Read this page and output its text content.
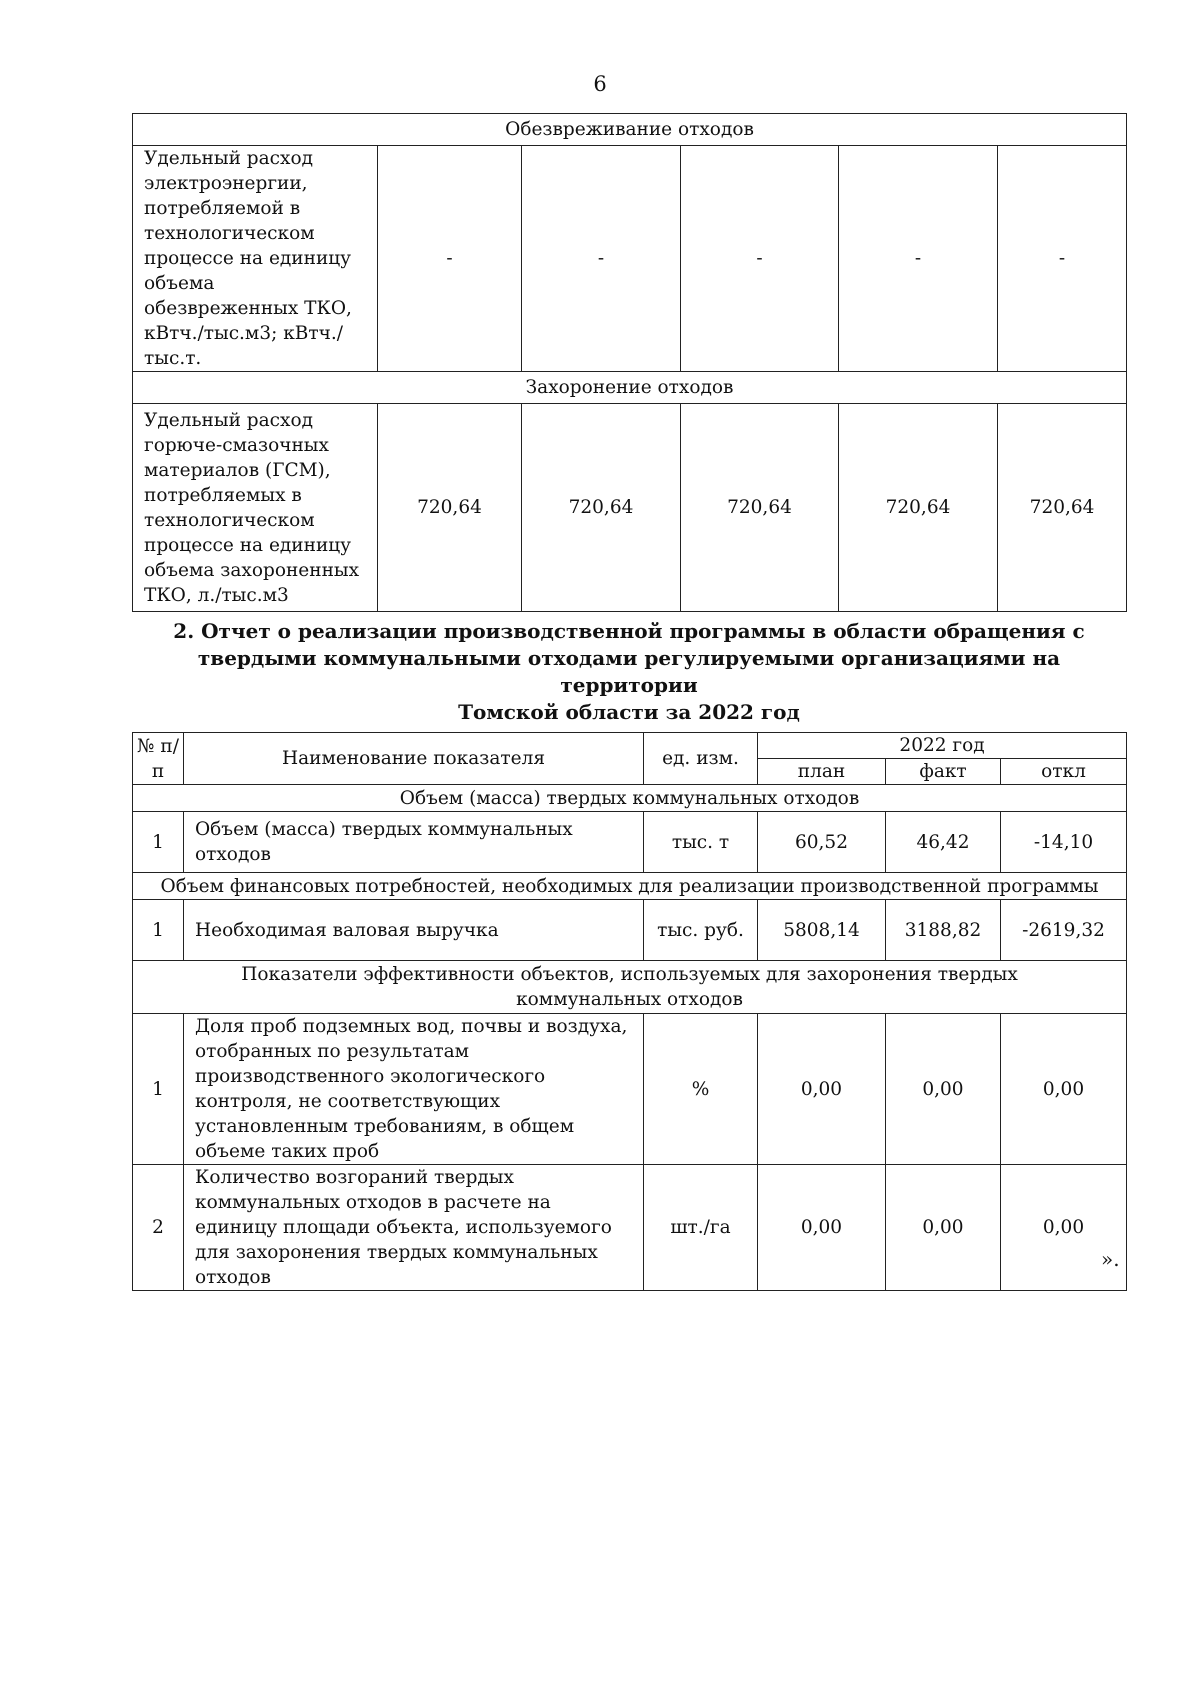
6
Обезвреживание отходов					
Удельный расход электроэнергии, потребляемой в технологическом процессе на единицу объема обезвреженных ТКО, кВтч./тыс.м3; кВтч./тыс.т.	-	-	-	-	-
Захоронение отходов					
Удельный расход горюче-смазочных материалов (ГСМ), потребляемых в технологическом процессе на единицу объема захороненных ТКО, л./тыс.м3	720,64	720,64	720,64	720,64	720,64
2. Отчет о реализации производственной программы в области обращения с
твердыми коммунальными отходами регулируемыми организациями на территории
Томской области за 2022 год
№ п/п	Наименование показателя	ед. изм.	2022 год		
			план	факт	откл
Объем (масса) твердых коммунальных отходов					
1	Объем (масса) твердых коммунальных отходов	тыс. т	60,52	46,42	-14,10
Объем финансовых потребностей, необходимых для реализации производственной программы					
1	Необходимая валовая выручка	тыс. руб.	5808,14	3188,82	-2619,32
Показатели эффективности объектов, используемых для захоронения твердых коммунальных отходов					
1	Доля проб подземных вод, почвы и воздуха, отобранных по результатам производственного экологического контроля, не соответствующих установленным требованиям, в общем объеме таких проб	%	0,00	0,00	0,00
2	Количество возгораний твердых коммунальных отходов в расчете на единицу площади объекта, используемого для захоронения твердых коммунальных отходов	шт./га	0,00	0,00	0,00
».
